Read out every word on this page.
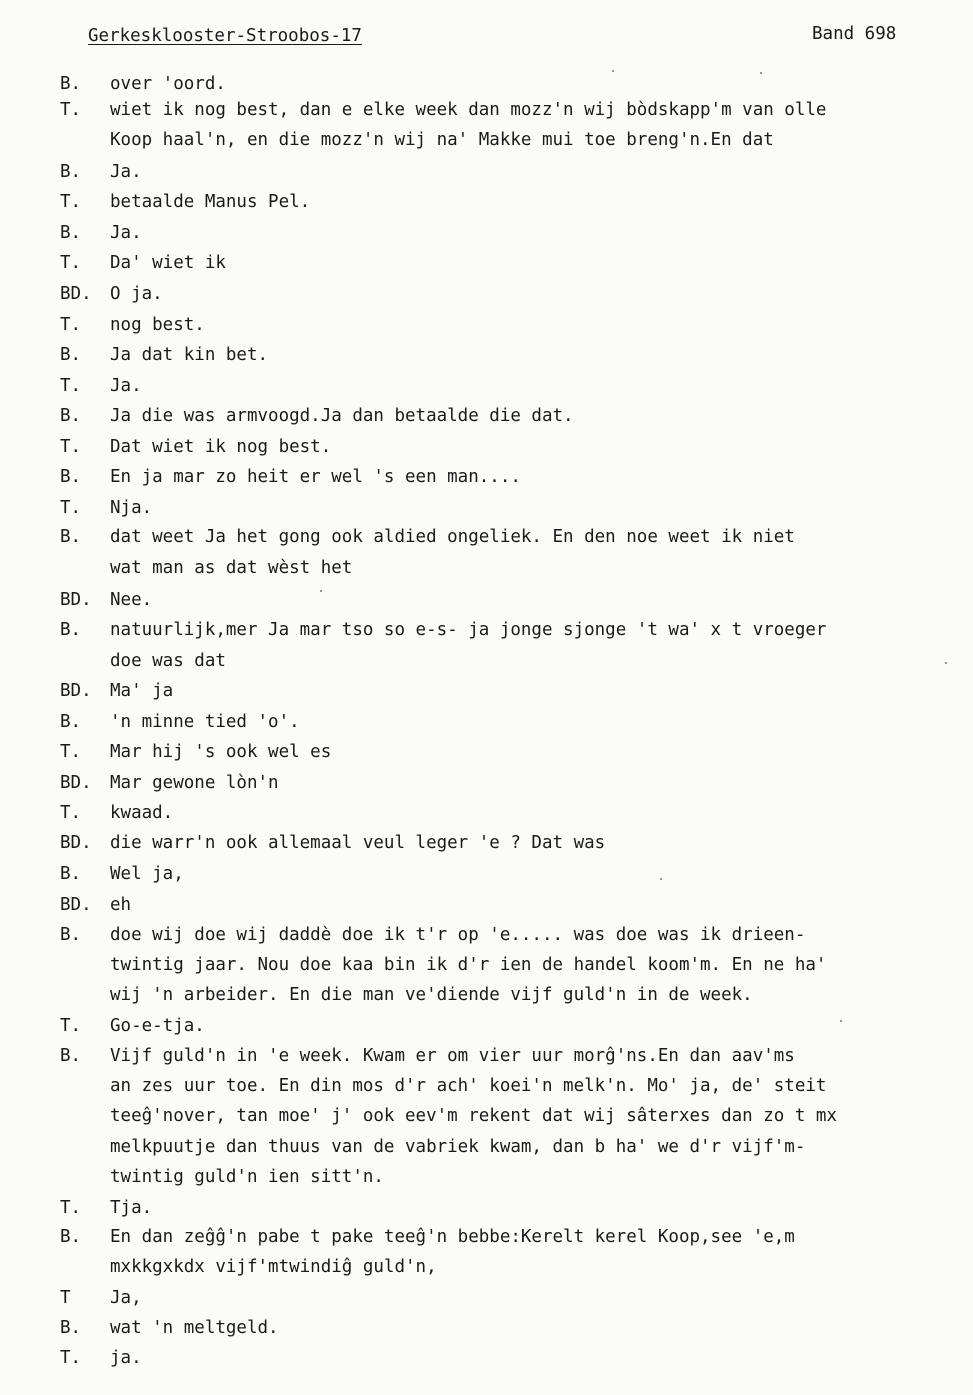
Gerkesklooster-Stroobos-17	Band 698
B. over 'oord.
T. wiet ik nog best, dan e elke week dan mozz'n wij bòdskapp'm van olle
Koop haal'n, en die mozz'n wij na' Makke mui toe breng'n.En dat
B. Ja.
T. betaalde Manus Pel.
B. Ja.
T. Da' wiet ik
BD. O ja.
T. nog best.
B. Ja dat kin bet.
T. Ja.
B. Ja die was armvoogd.Ja dan betaalde die dat.
T. Dat wiet ik nog best.
B. En ja mar zo heit er wel 's een man....
T. Nja.
B. dat weet Ja het gong ook aldied ongeliek. En den noe weet ik niet
wat man as dat wèst het
BD. Nee.
B. natuurlijk,mer Ja mar tso so e-s- ja jonge sjonge 't wa' x t vroeger
doe was dat
BD. Ma' ja
B. 'n minne tied 'o'.
T. Mar hij 's ook wel es
BD. Mar gewone lòn'n
T. kwaad.
BD. die warr'n ook allemaal veul leger 'e ? Dat was
B. Wel ja,
BD. eh
B. doe wij doe wij daddè doe ik t'r op 'e..... was doe was ik drieen-
twintig jaar. Nou doe kaa bin ik d'r ien de handel koom'm. En ne ha'
wij 'n arbeider. En die man ve'diende vijf guld'n in de week.
T. Go-e-tja.
B. Vijf guld'n in 'e week. Kwam er om vier uur morĝ'ns.En dan aav'ms
an zes uur toe. En din mos d'r ach' koei'n melk'n. Mo' ja, de' steit
teeĝ'nover, tan moe' j' ook eev'm rekent dat wij sâterxes dan zo t mx
melkpuutje dan thuus van de vabriek kwam, dan b ha' we d'r vijf'm-
twintig guld'n ien sitt'n.
T. Tja.
B. En dan zeĝĝ'n pabe t pake teeĝ'n bebbe:Kerelt kerel Koop,see 'e,m
mxkkgxkdx vijf'mtwindiĝ guld'n,
T Ja,
B. wat 'n meltgeld.
T. ja.
